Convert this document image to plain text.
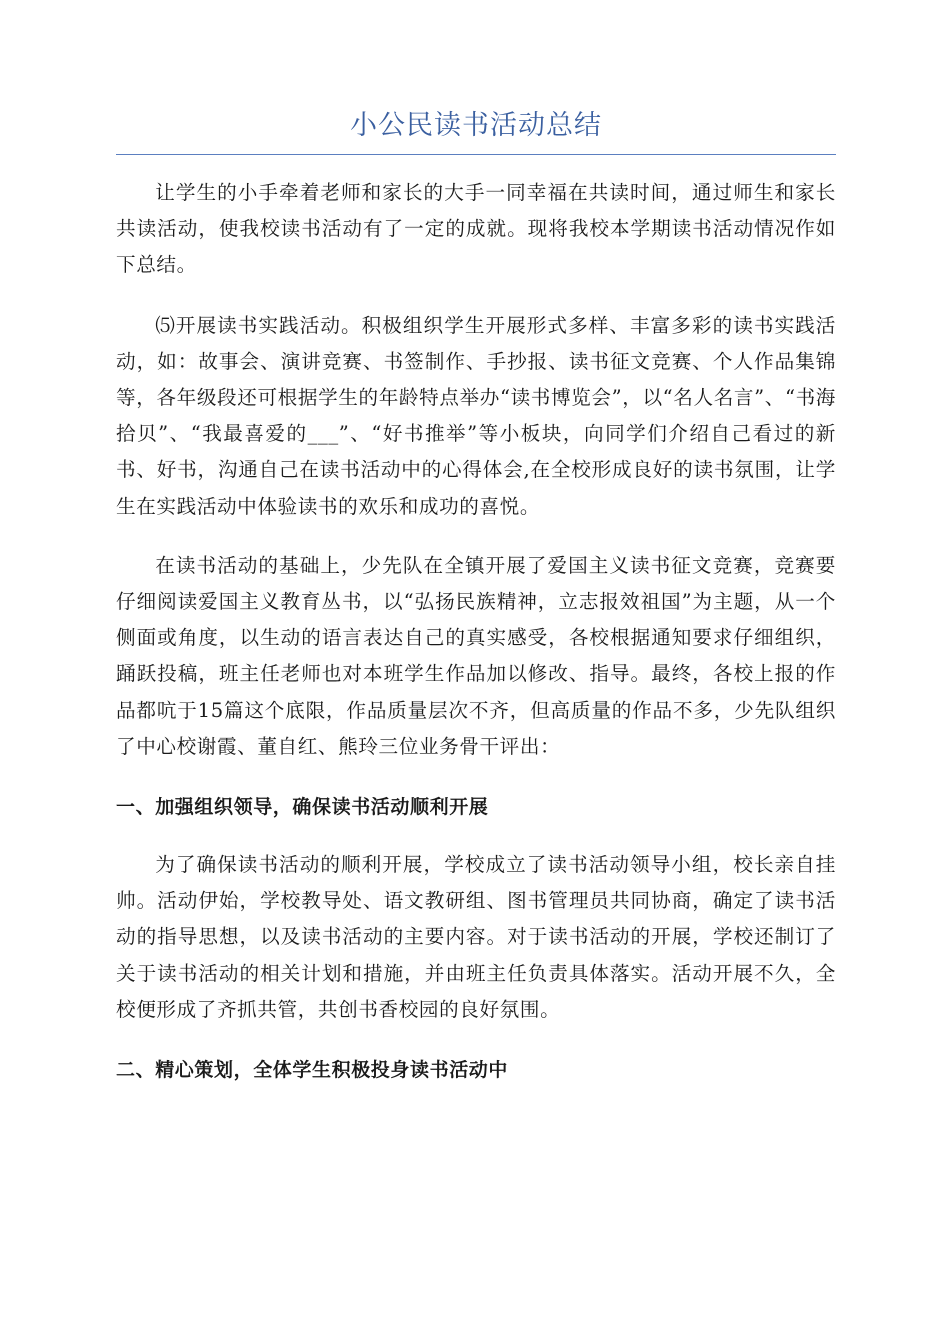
小公民读书活动总结

让学生的小手牵着老师和家长的大手一同幸福在共读时间，通过师生和家长共读活动，使我校读书活动有了一定的成就。现将我校本学期读书活动情况作如下总结。

⑸开展读书实践活动。积极组织学生开展形式多样、丰富多彩的读书实践活动，如：故事会、演讲竞赛、书签制作、手抄报、读书征文竞赛、个人作品集锦等，各年级段还可根据学生的年龄特点举办“读书博览会”，以“名人名言”、“书海拾贝”、“我最喜爱的___”、“好书推举”等小板块，向同学们介绍自己看过的新书、好书，沟通自己在读书活动中的心得体会,在全校形成良好的读书氛围，让学生在实践活动中体验读书的欢乐和成功的喜悦。

在读书活动的基础上，少先队在全镇开展了爱国主义读书征文竞赛，竞赛要仔细阅读爱国主义教育丛书，以“弘扬民族精神，立志报效祖国”为主题，从一个侧面或角度，以生动的语言表达自己的真实感受，各校根据通知要求仔细组织，踊跃投稿，班主任老师也对本班学生作品加以修改、指导。最终，各校上报的作品都吭于15篇这个底限，作品质量层次不齐，但高质量的作品不多，少先队组织了中心校谢霞、董自红、熊玲三位业务骨干评出：

一、加强组织领导，确保读书活动顺利开展

为了确保读书活动的顺利开展，学校成立了读书活动领导小组，校长亲自挂帅。活动伊始，学校教导处、语文教研组、图书管理员共同协商，确定了读书活动的指导思想，以及读书活动的主要内容。对于读书活动的开展，学校还制订了关于读书活动的相关计划和措施，并由班主任负责具体落实。活动开展不久，全校便形成了齐抓共管，共创书香校园的良好氛围。

二、精心策划，全体学生积极投身读书活动中
